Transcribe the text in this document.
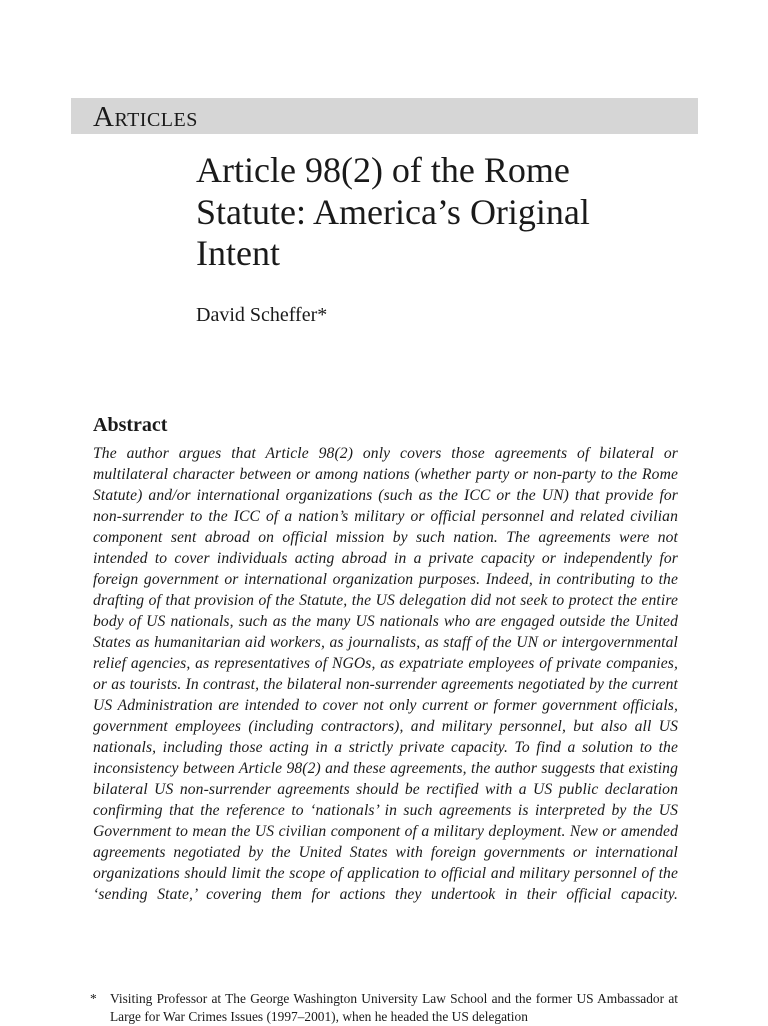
Articles
Article 98(2) of the Rome Statute: America’s Original Intent
David Scheffer*
Abstract

The author argues that Article 98(2) only covers those agreements of bilateral or multilateral character between or among nations (whether party or non-party to the Rome Statute) and/or international organizations (such as the ICC or the UN) that provide for non-surrender to the ICC of a nation’s military or official personnel and related civilian component sent abroad on official mission by such nation. The agreements were not intended to cover individuals acting abroad in a private capacity or independently for foreign government or international organization purposes. Indeed, in contributing to the drafting of that provision of the Statute, the US delegation did not seek to protect the entire body of US nationals, such as the many US nationals who are engaged outside the United States as humanitarian aid workers, as journalists, as staff of the UN or intergovernmental relief agencies, as representatives of NGOs, as expatriate employees of private companies, or as tourists. In contrast, the bilateral non-surrender agreements negotiated by the current US Administration are intended to cover not only current or former government officials, government employees (including contractors), and military personnel, but also all US nationals, including those acting in a strictly private capacity. To find a solution to the inconsistency between Article 98(2) and these agreements, the author suggests that existing bilateral US non-surrender agreements should be rectified with a US public declaration confirming that the reference to ‘nationals’ in such agreements is interpreted by the US Government to mean the US civilian component of a military deployment. New or amended agreements negotiated by the United States with foreign governments or international organizations should limit the scope of application to official and military personnel of the ‘sending State,’ covering them for actions they undertook in their official capacity.

* Visiting Professor at The George Washington University Law School and the former US Ambassador at Large for War Crimes Issues (1997–2001), when he headed the US delegation
